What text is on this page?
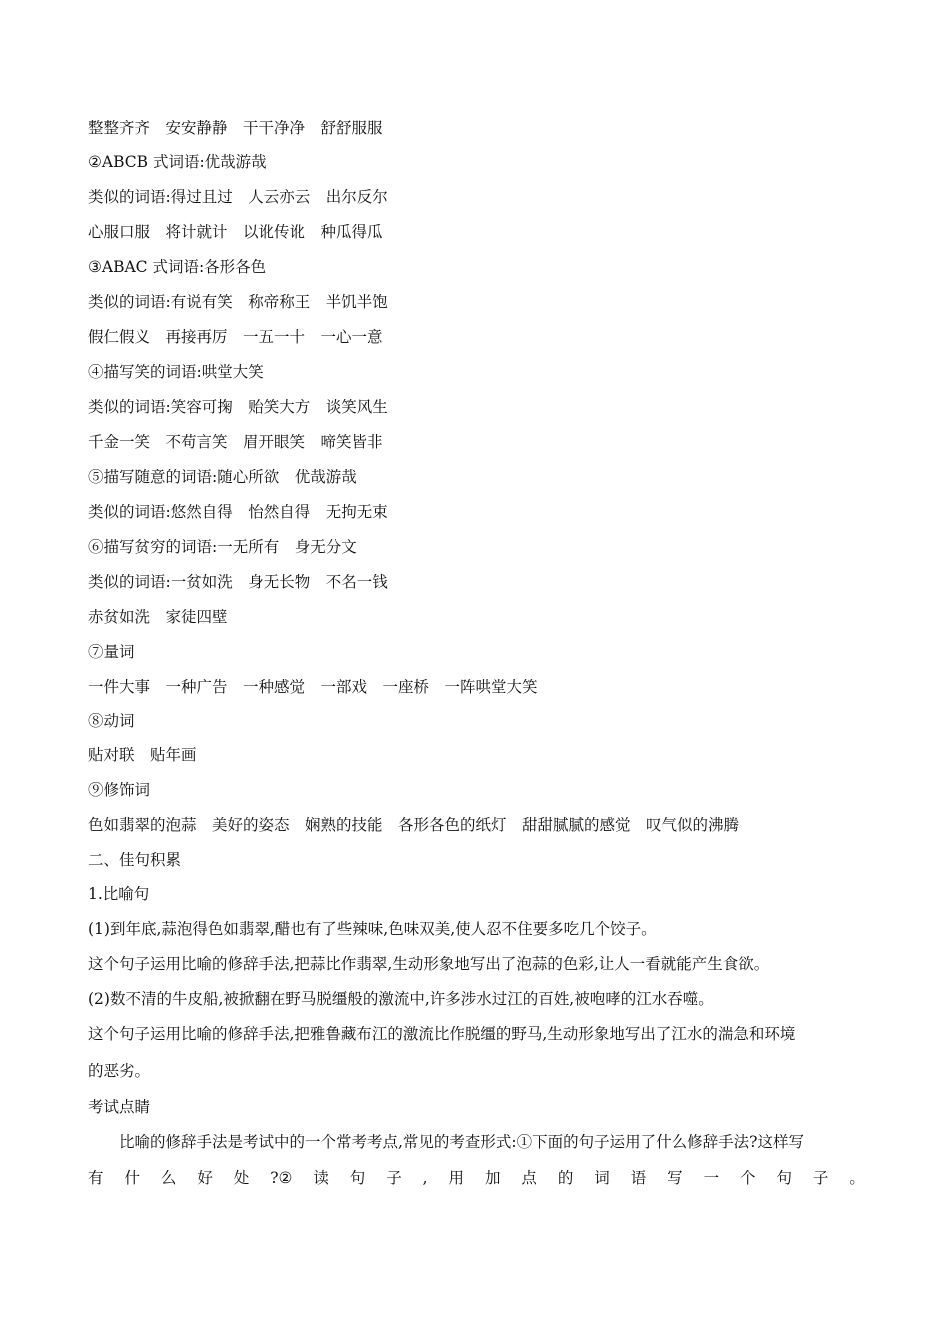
整整齐齐　安安静静　干干净净　舒舒服服

②ABCB 式词语:优哉游哉

类似的词语:得过且过　人云亦云　出尔反尔

心服口服　将计就计　以讹传讹　种瓜得瓜

③ABAC 式词语:各形各色

类似的词语:有说有笑　称帝称王　半饥半饱

假仁假义　再接再厉　一五一十　一心一意

④描写笑的词语:哄堂大笑

类似的词语:笑容可掬　贻笑大方　谈笑风生

千金一笑　不苟言笑　眉开眼笑　啼笑皆非

⑤描写随意的词语:随心所欲　优哉游哉

类似的词语:悠然自得　怡然自得　无拘无束

⑥描写贫穷的词语:一无所有　身无分文

类似的词语:一贫如洗　身无长物　不名一钱

赤贫如洗　家徒四壁

⑦量词

一件大事　一种广告　一种感觉　一部戏　一座桥　一阵哄堂大笑

⑧动词

贴对联　贴年画

⑨修饰词

色如翡翠的泡蒜　美好的姿态　娴熟的技能　各形各色的纸灯　甜甜腻腻的感觉　叹气似的沸腾

二、佳句积累

1.比喻句

(1)到年底,蒜泡得色如翡翠,醋也有了些辣味,色味双美,使人忍不住要多吃几个饺子。

这个句子运用比喻的修辞手法,把蒜比作翡翠,生动形象地写出了泡蒜的色彩,让人一看就能产生食欲。

(2)数不清的牛皮船,被掀翻在野马脱缰般的激流中,许多涉水过江的百姓,被咆哮的江水吞噬。

这个句子运用比喻的修辞手法,把雅鲁藏布江的激流比作脱缰的野马,生动形象地写出了江水的湍急和环境

的恶劣。

考试点睛

　　比喻的修辞手法是考试中的一个常考考点,常见的考查形式:①下面的句子运用了什么修辞手法?这样写

有 什 么 好 处 ?② 读 句 子 , 用 加 点 的 词 语 写 一 个 句 子 。
